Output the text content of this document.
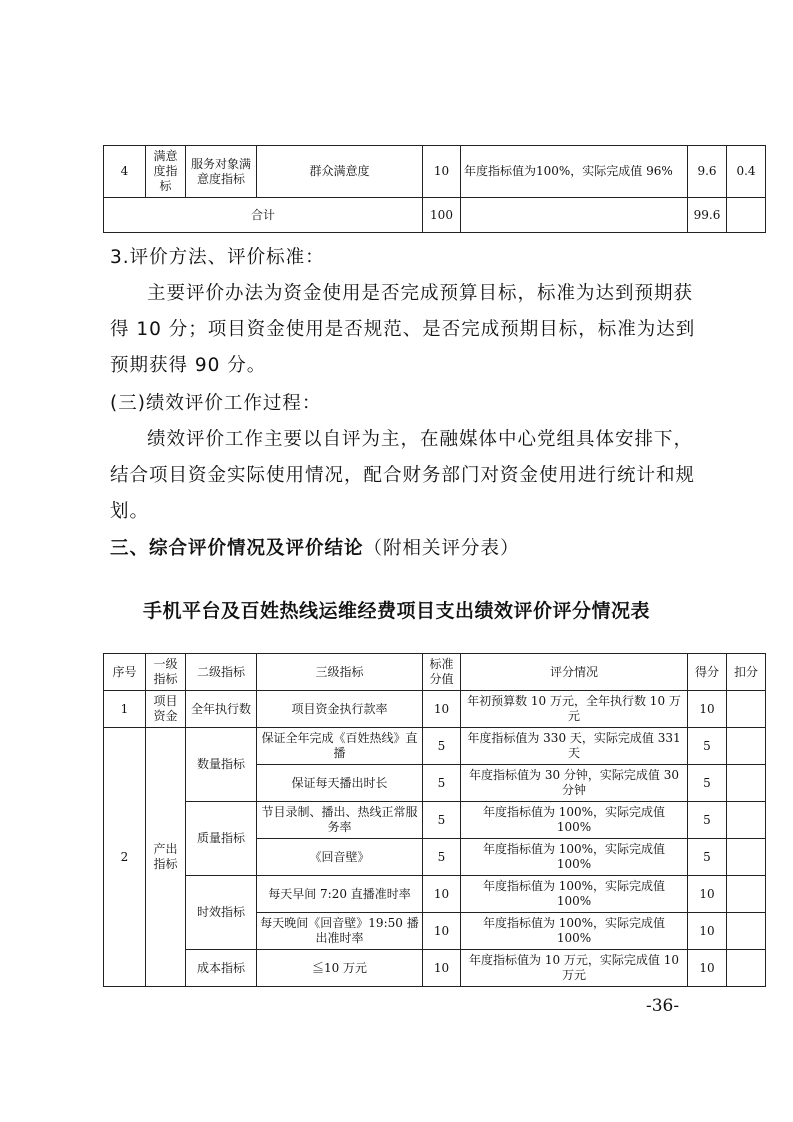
4	满意度指标	服务对象满意度指标	群众满意度	10	年度指标值为100%，实际完成值 96%	9.6	0.4
合计				100		99.6	
3.评价方法、评价标准：
主要评价办法为资金使用是否完成预算目标，标准为达到预期获得 10 分；项目资金使用是否规范、是否完成预期目标，标准为达到预期获得 90 分。
(三)绩效评价工作过程：
绩效评价工作主要以自评为主，在融媒体中心党组具体安排下，结合项目资金实际使用情况，配合财务部门对资金使用进行统计和规划。
三、综合评价情况及评价结论（附相关评分表）
手机平台及百姓热线运维经费项目支出绩效评价评分情况表
序号	一级指标	二级指标	三级指标	标准分值	评分情况	得分	扣分
1	项目资金	全年执行数	项目资金执行款率	10	年初预算数 10 万元，全年执行数 10 万元	10	
2	产出指标	数量指标	保证全年完成《百姓热线》直播	5	年度指标值为 330 天，实际完成值 331 天	5	
			保证每天播出时长	5	年度指标值为 30 分钟，实际完成值 30 分钟	5	
		质量指标	节目录制、播出、热线正常服务率	5	年度指标值为 100%，实际完成值 100%	5	
			《回音壁》	5	年度指标值为 100%，实际完成值 100%	5	
		时效指标	每天早间 7:20 直播准时率	10	年度指标值为 100%，实际完成值 100%	10	
			每天晚间《回音壁》19:50 播出准时率	10	年度指标值为 100%，实际完成值 100%	10	
		成本指标	≦10 万元	10	年度指标值为 10 万元，实际完成值 10 万元	10	
-36-
